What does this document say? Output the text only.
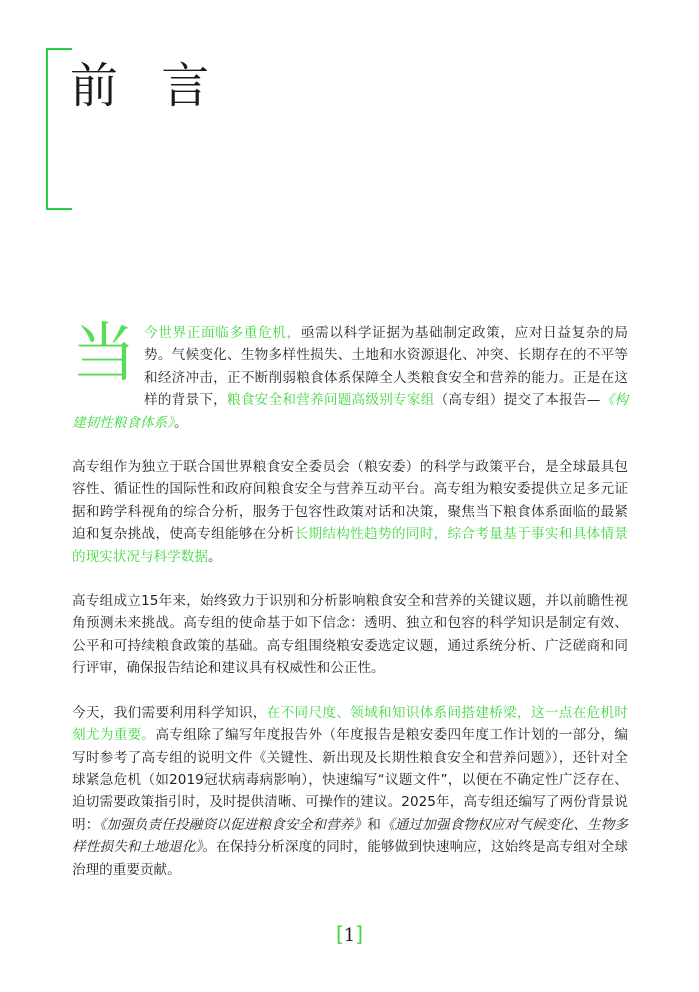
前 言

当今世界正面临多重危机，亟需以科学证据为基础制定政策，应对日益复杂的局势。气候变化、生物多样性损失、土地和水资源退化、冲突、长期存在的不平等和经济冲击，正不断削弱粮食体系保障全人类粮食安全和营养的能力。正是在这样的背景下，粮食安全和营养问题高级别专家组（高专组）提交了本报告—《构建韧性粮食体系》。

高专组作为独立于联合国世界粮食安全委员会（粮安委）的科学与政策平台，是全球最具包容性、循证性的国际性和政府间粮食安全与营养互动平台。高专组为粮安委提供立足多元证据和跨学科视角的综合分析，服务于包容性政策对话和决策，聚焦当下粮食体系面临的最紧迫和复杂挑战，使高专组能够在分析长期结构性趋势的同时，综合考量基于事实和具体情景的现实状况与科学数据。

高专组成立15年来，始终致力于识别和分析影响粮食安全和营养的关键议题，并以前瞻性视角预测未来挑战。高专组的使命基于如下信念：透明、独立和包容的科学知识是制定有效、公平和可持续粮食政策的基础。高专组围绕粮安委选定议题，通过系统分析、广泛磋商和同行评审，确保报告结论和建议具有权威性和公正性。

今天，我们需要利用科学知识，在不同尺度、领域和知识体系间搭建桥梁，这一点在危机时刻尤为重要。高专组除了编写年度报告外（年度报告是粮安委四年度工作计划的一部分，编写时参考了高专组的说明文件《关键性、新出现及长期性粮食安全和营养问题》），还针对全球紧急危机（如2019冠状病毒病影响），快速编写“议题文件”，以便在不确定性广泛存在、迫切需要政策指引时，及时提供清晰、可操作的建议。2025年，高专组还编写了两份背景说明：《加强负责任投融资以促进粮食安全和营养》和《通过加强食物权应对气候变化、生物多样性损失和土地退化》。在保持分析深度的同时，能够做到快速响应，这始终是高专组对全球治理的重要贡献。

[1]
